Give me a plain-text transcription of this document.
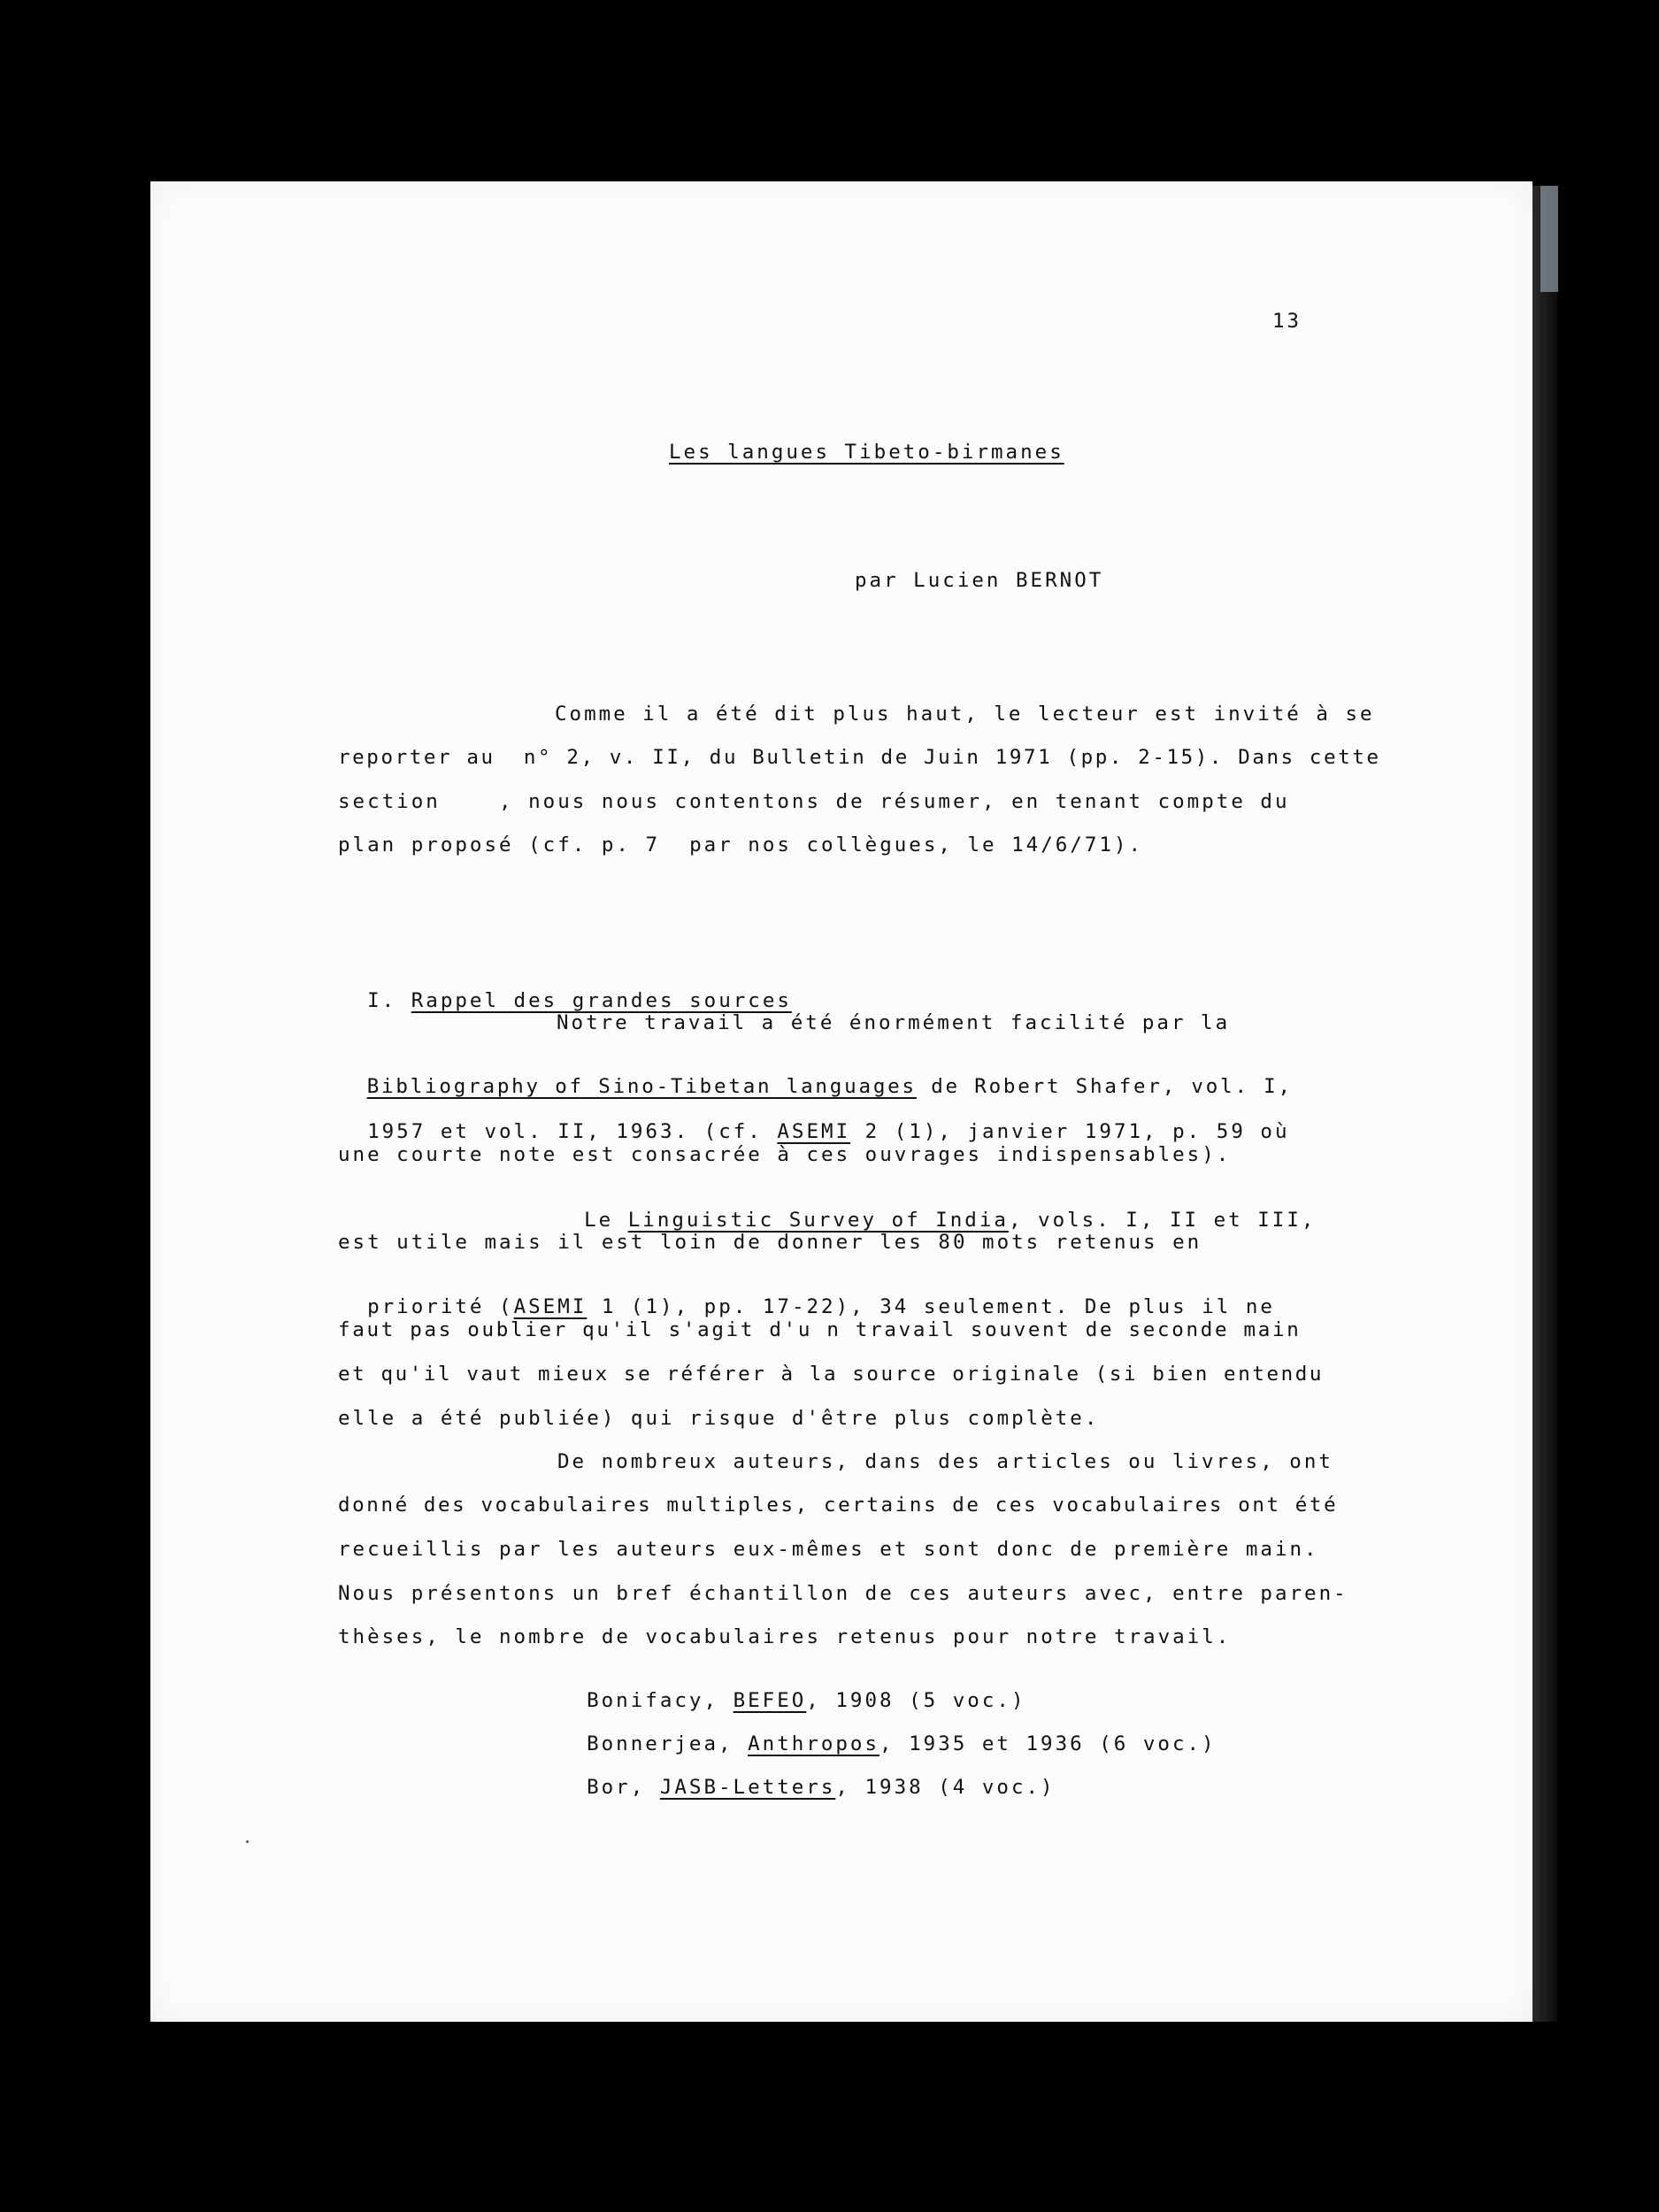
13
Les langues Tibeto-birmanes
par Lucien BERNOT
Comme il a été dit plus haut, le lecteur est invité à se
reporter au  n° 2, v. II, du Bulletin de Juin 1971 (pp. 2-15). Dans cette
section    , nous nous contentons de résumer, en tenant compte du
plan proposé (cf. p. 7  par nos collègues, le 14/6/71).

I. Rappel des grandes sources

Notre travail a été énormément facilité par la

Bibliography of Sino-Tibetan languages de Robert Shafer, vol. I,

1957 et vol. II, 1963. (cf. ASEMI 2 (1), janvier 1971, p. 59 où

une courte note est consacrée à ces ouvrages indispensables).

Le Linguistic Survey of India, vols. I, II et III,

est utile mais il est loin de donner les 80 mots retenus en

priorité (ASEMI 1 (1), pp. 17-22), 34 seulement. De plus il ne

faut pas oublier qu'il s'agit d'u n travail souvent de seconde main
et qu'il vaut mieux se référer à la source originale (si bien entendu
elle a été publiée) qui risque d'être plus complète.
De nombreux auteurs, dans des articles ou livres, ont
donné des vocabulaires multiples, certains de ces vocabulaires ont été
recueillis par les auteurs eux-mêmes et sont donc de première main.
Nous présentons un bref échantillon de ces auteurs avec, entre paren-
thèses, le nombre de vocabulaires retenus pour notre travail.

Bonifacy, BEFEO, 1908 (5 voc.)

Bonnerjea, Anthropos, 1935 et 1936 (6 voc.)

Bor, JASB-Letters, 1938 (4 voc.)
